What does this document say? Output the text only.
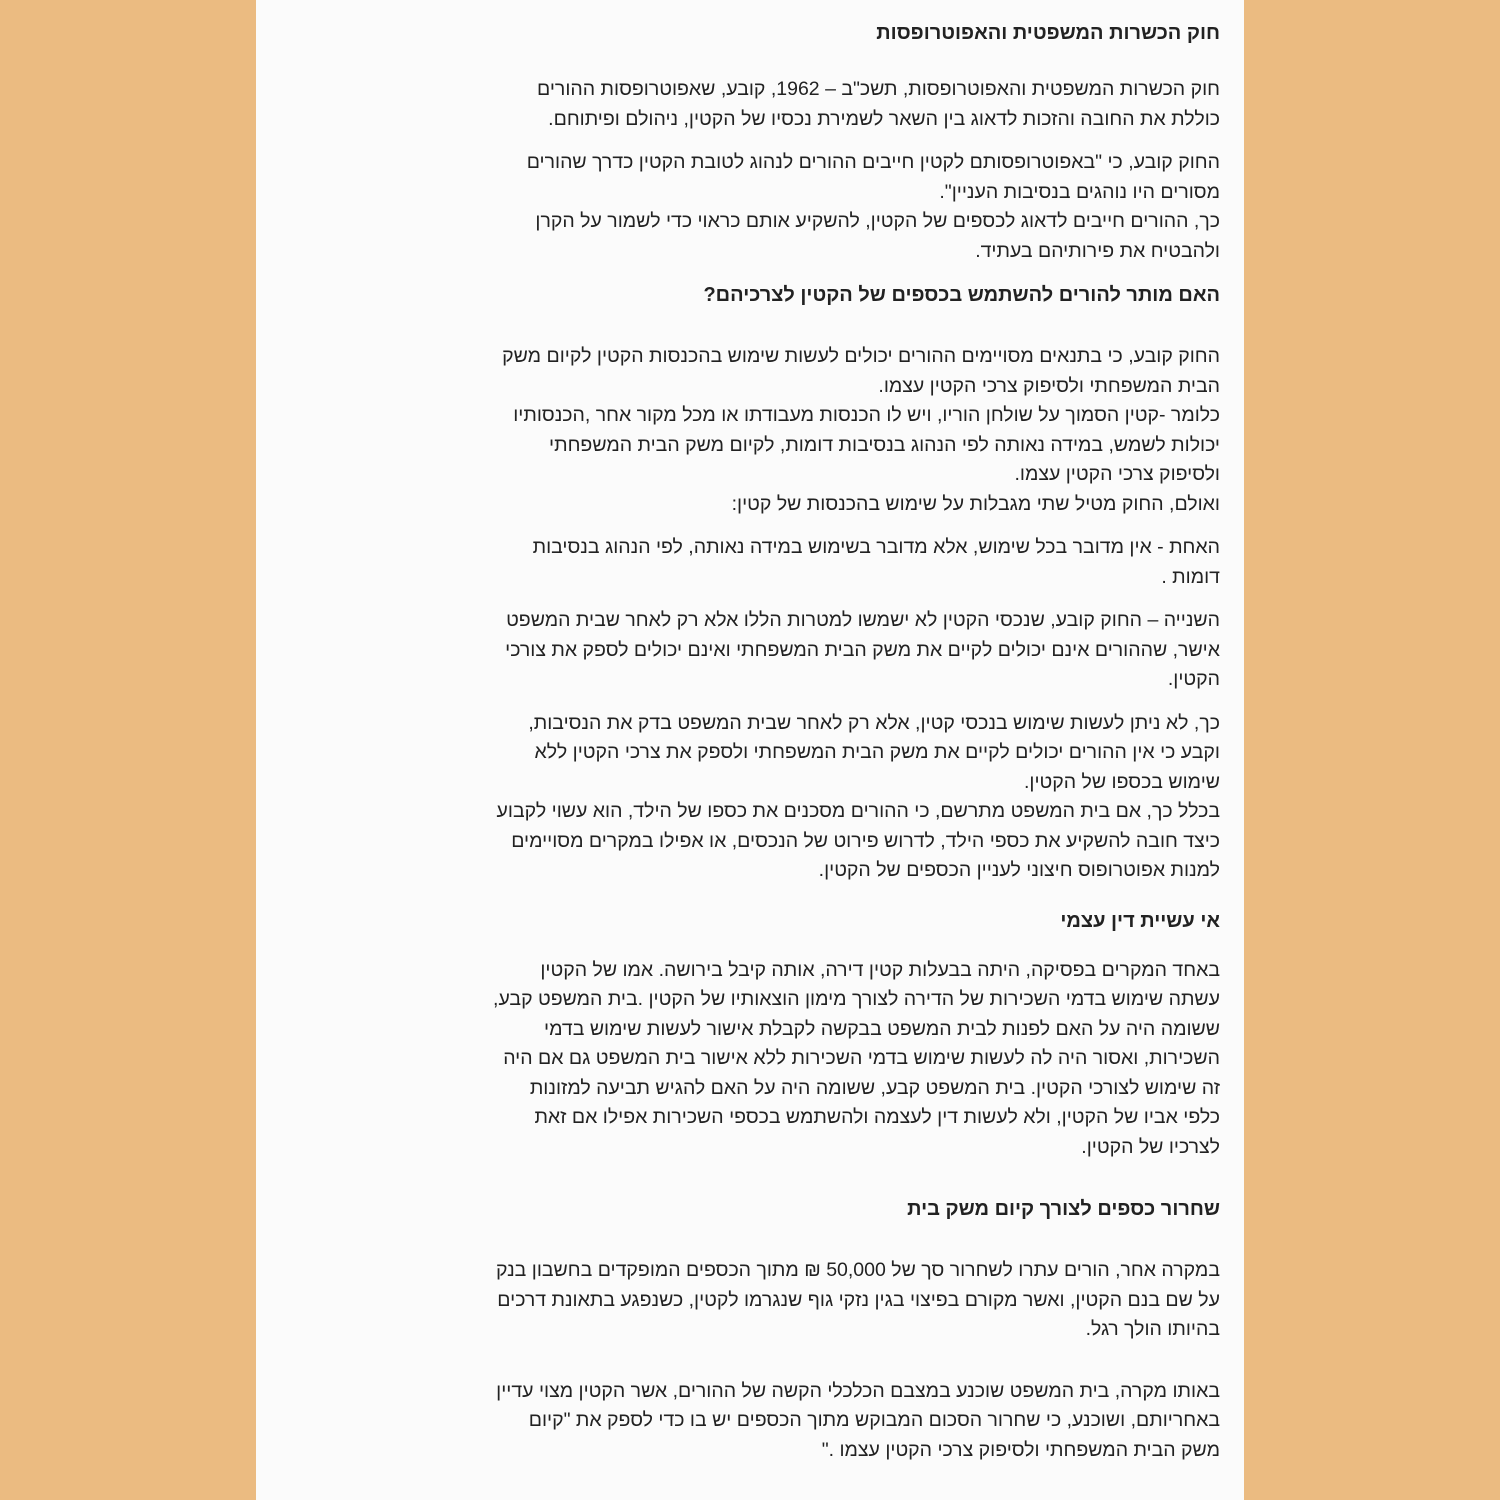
חוק הכשרות המשפטית והאפוטרופסות

חוק הכשרות המשפטית והאפוטרופסות, תשכ"ב – 1962, קובע, שאפוטרופסות ההורים
כוללת את החובה והזכות לדאוג בין השאר לשמירת נכסיו של הקטין, ניהולם ופיתוחם.

החוק קובע, כי "באפוטרופסותם לקטין חייבים ההורים לנהוג לטובת הקטין כדרך שהורים
מסורים היו נוהגים בנסיבות העניין".
כך, ההורים חייבים לדאוג לכספים של הקטין, להשקיע אותם כראוי כדי לשמור על הקרן
ולהבטיח את פירותיהם בעתיד.

האם מותר להורים להשתמש בכספים של הקטין לצרכיהם?

החוק קובע, כי בתנאים מסויימים ההורים יכולים לעשות שימוש בהכנסות הקטין לקיום משק
הבית המשפחתי ולסיפוק צרכי הקטין עצמו.
כלומר -קטין הסמוך על שולחן הוריו, ויש לו הכנסות מעבודתו או מכל מקור אחר ,הכנסותיו
יכולות לשמש, במידה נאותה לפי הנהוג בנסיבות דומות, לקיום משק הבית המשפחתי
ולסיפוק צרכי הקטין עצמו.
ואולם, החוק מטיל שתי מגבלות על שימוש בהכנסות של קטין:

האחת - אין מדובר בכל שימוש, אלא מדובר בשימוש במידה נאותה, לפי הנהוג בנסיבות
דומות .

השנייה – החוק קובע, שנכסי הקטין לא ישמשו למטרות הללו אלא רק לאחר שבית המשפט
אישר, שההורים אינם יכולים לקיים את משק הבית המשפחתי ואינם יכולים לספק את צורכי
הקטין.

כך, לא ניתן לעשות שימוש בנכסי קטין, אלא רק לאחר שבית המשפט בדק את הנסיבות,
וקבע כי אין ההורים יכולים לקיים את משק הבית המשפחתי ולספק את צרכי הקטין ללא
שימוש בכספו של הקטין.
בכלל כך, אם בית המשפט מתרשם, כי ההורים מסכנים את כספו של הילד, הוא עשוי לקבוע
כיצד חובה להשקיע את כספי הילד, לדרוש פירוט של הנכסים, או אפילו במקרים מסויימים
למנות אפוטרופוס חיצוני לעניין הכספים של הקטין.

אי עשיית דין עצמי

באחד המקרים בפסיקה, היתה בבעלות קטין דירה, אותה קיבל בירושה. אמו של הקטין
עשתה שימוש בדמי השכירות של הדירה לצורך מימון הוצאותיו של הקטין .בית המשפט קבע,
ששומה היה על האם לפנות לבית המשפט בבקשה לקבלת אישור לעשות שימוש בדמי
השכירות, ואסור היה לה לעשות שימוש בדמי השכירות ללא אישור בית המשפט גם אם היה
זה שימוש לצורכי הקטין. בית המשפט קבע, ששומה היה על האם להגיש תביעה למזונות
כלפי אביו של הקטין, ולא לעשות דין לעצמה ולהשתמש בכספי השכירות אפילו אם זאת
לצרכיו של הקטין.

שחרור כספים לצורך קיום משק בית

במקרה אחר, הורים עתרו לשחרור סך של 50,000 ₪ מתוך הכספים המופקדים בחשבון בנק
על שם בנם הקטין, ואשר מקורם בפיצוי בגין נזקי גוף שנגרמו לקטין, כשנפגע בתאונת דרכים
בהיותו הולך רגל.

באותו מקרה, בית המשפט שוכנע במצבם הכלכלי הקשה של ההורים, אשר הקטין מצוי עדיין
באחריותם, ושוכנע, כי שחרור הסכום המבוקש מתוך הכספים יש בו כדי לספק את "קיום
משק הבית המשפחתי ולסיפוק צרכי הקטין עצמו ."
